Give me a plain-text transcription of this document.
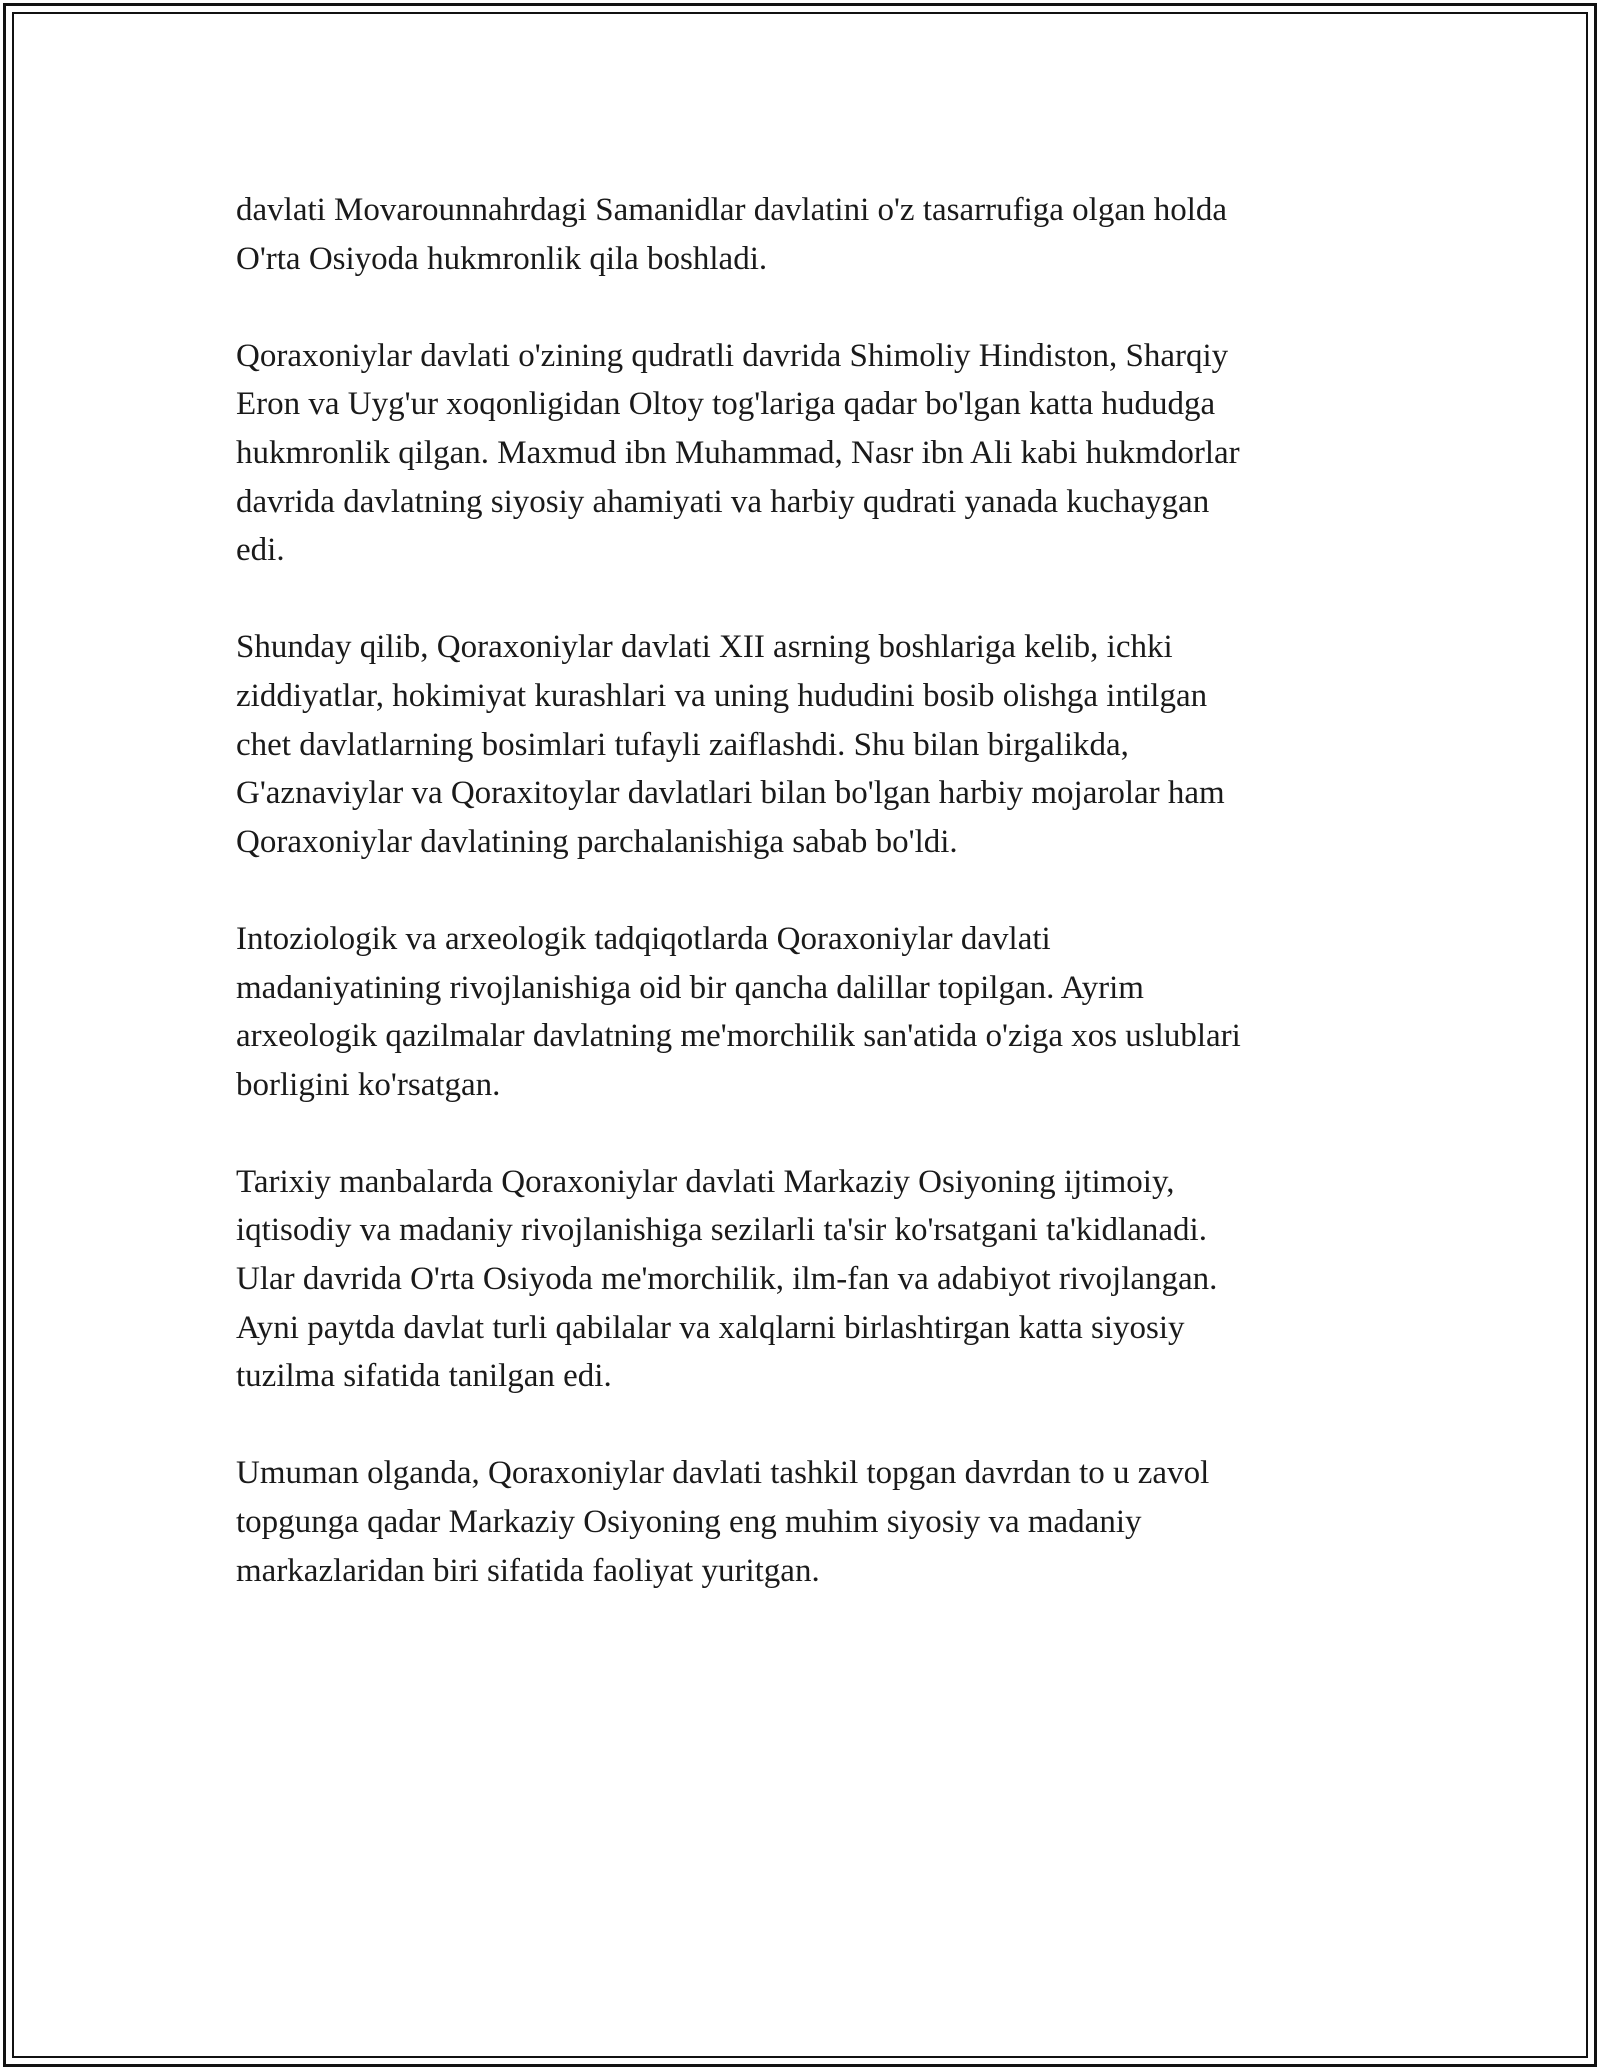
davlati Movarounnahrdagi Samanidlar davlatini o'z tasarrufiga olgan holda
O'rta Osiyoda hukmronlik qila boshladi.

Qoraxoniylar davlati o'zining qudratli davrida Shimoliy Hindiston, Sharqiy
Eron va Uyg'ur xoqonligidan Oltoy tog'lariga qadar bo'lgan katta hududga
hukmronlik qilgan. Maxmud ibn Muhammad, Nasr ibn Ali kabi hukmdorlar
davrida davlatning siyosiy ahamiyati va harbiy qudrati yanada kuchaygan
edi.

Shunday qilib, Qoraxoniylar davlati XII asrning boshlariga kelib, ichki
ziddiyatlar, hokimiyat kurashlari va uning hududini bosib olishga intilgan
chet davlatlarning bosimlari tufayli zaiflashdi. Shu bilan birgalikda,
G'aznaviylar va Qoraxitoylar davlatlari bilan bo'lgan harbiy mojarolar ham
Qoraxoniylar davlatining parchalanishiga sabab bo'ldi.

Intoziologik va arxeologik tadqiqotlarda Qoraxoniylar davlati
madaniyatining rivojlanishiga oid bir qancha dalillar topilgan. Ayrim
arxeologik qazilmalar davlatning me'morchilik san'atida o'ziga xos uslublari
borligini ko'rsatgan.

Tarixiy manbalarda Qoraxoniylar davlati Markaziy Osiyoning ijtimoiy,
iqtisodiy va madaniy rivojlanishiga sezilarli ta'sir ko'rsatgani ta'kidlanadi.
Ular davrida O'rta Osiyoda me'morchilik, ilm-fan va adabiyot rivojlangan.
Ayni paytda davlat turli qabilalar va xalqlarni birlashtirgan katta siyosiy
tuzilma sifatida tanilgan edi.

Umuman olganda, Qoraxoniylar davlati tashkil topgan davrdan to u zavol
topgunga qadar Markaziy Osiyoning eng muhim siyosiy va madaniy
markazlaridan biri sifatida faoliyat yuritgan.
